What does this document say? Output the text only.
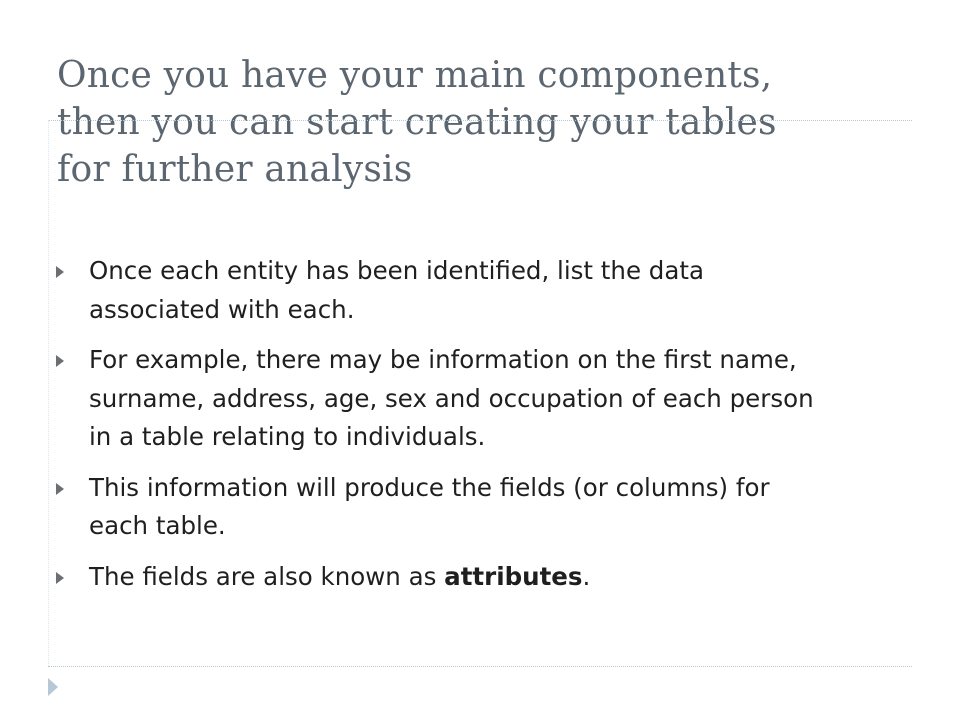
Once you have your main components,
then you can start creating your tables
for further analysis
Once each entity has been identified, list the data
associated with each.
For example, there may be information on the first name,
surname, address, age, sex and occupation of each person
in a table relating to individuals.
This information will produce the fields (or columns) for
each table.
The fields are also known as attributes.
